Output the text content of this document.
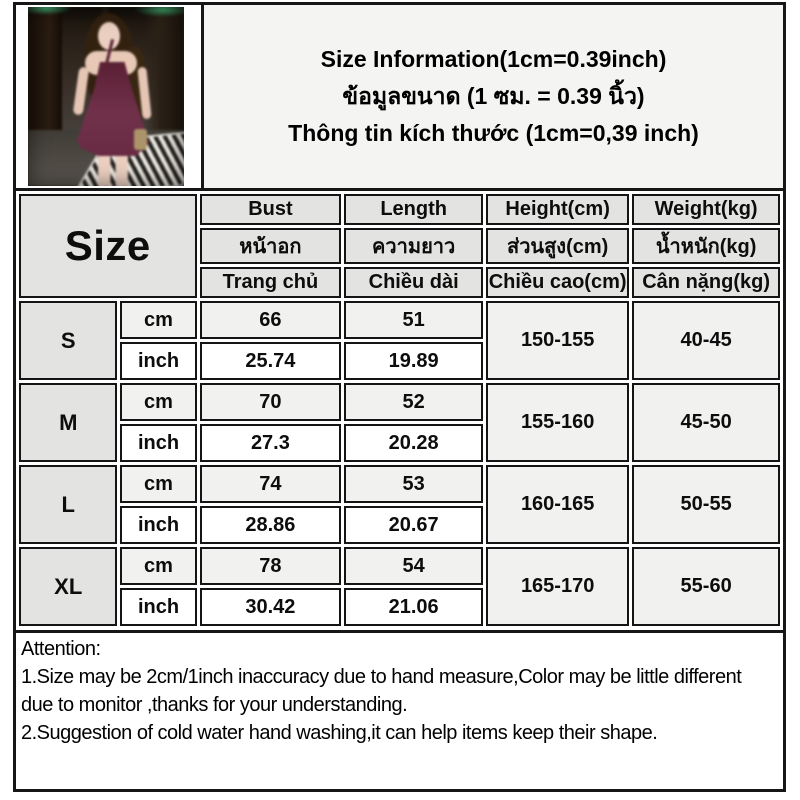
Size Information(1cm=0.39inch)
ข้อมูลขนาด (1 ซม. = 0.39 นิ้ว)
Thông tin kích thước (1cm=0,39 inch)
Size		Bust	Length	Height(cm)	Weight(kg)
		หน้าอก	ความยาว	ส่วนสูง(cm)	น้ำหนัก(kg)
		Trang chủ	Chiều dài	Chiều cao(cm)	Cân nặng(kg)
S	cm	66	51	150-155	40-45
	inch	25.74	19.89		
M	cm	70	52	155-160	45-50
	inch	27.3	20.28		
L	cm	74	53	160-165	50-55
	inch	28.86	20.67		
XL	cm	78	54	165-170	55-60
	inch	30.42	21.06		
Attention:
1.Size may be 2cm/1inch inaccuracy due to hand measure,Color may be little different due to monitor ,thanks for your understanding.
2.Suggestion of cold water hand washing,it can help items keep their shape.
